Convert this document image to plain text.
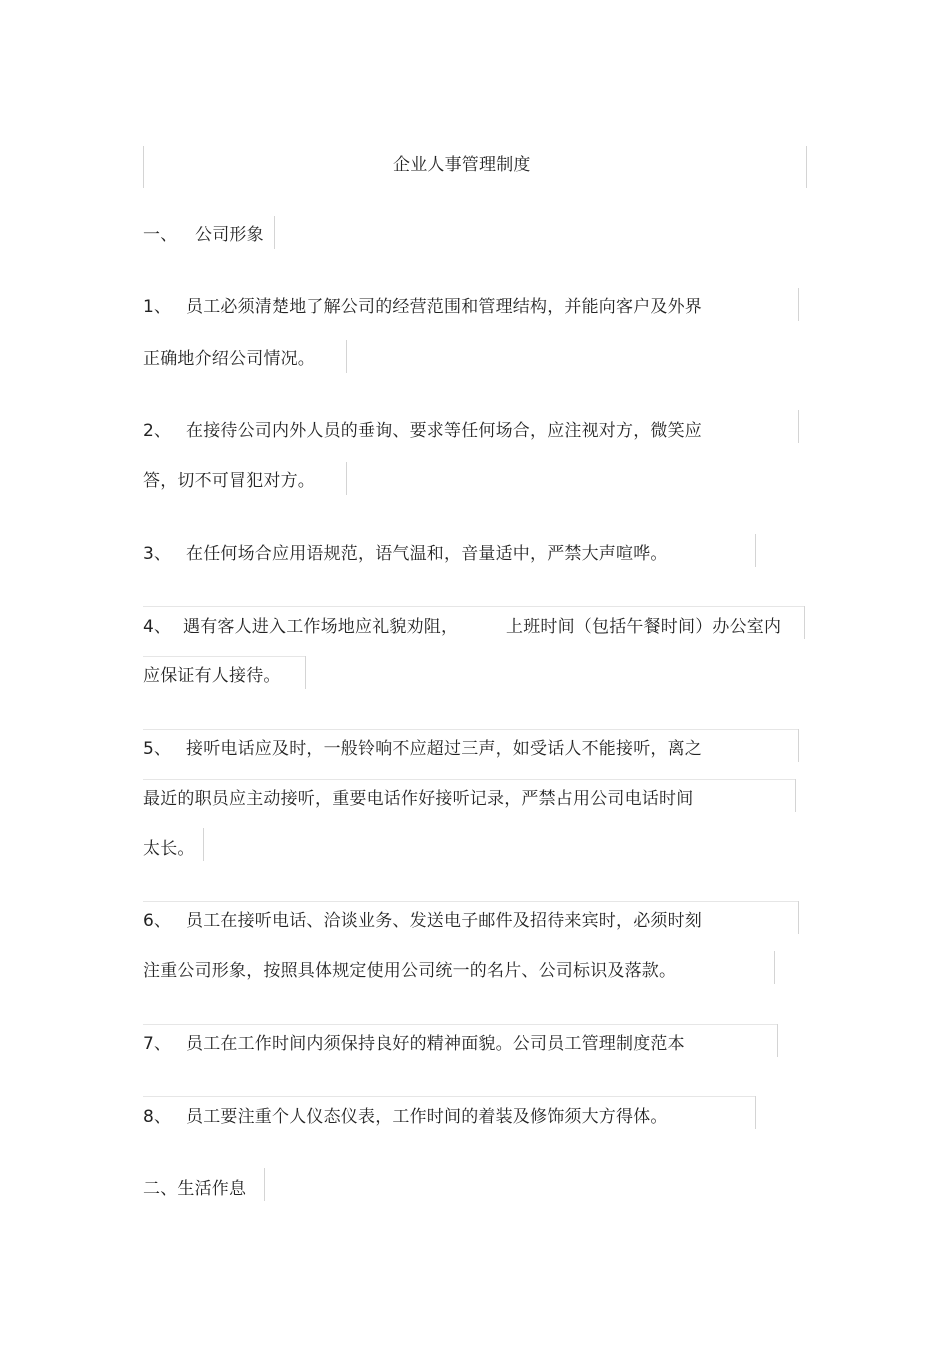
企业人事管理制度
一、 公司形象
1、 员工必须清楚地了解公司的经营范围和管理结构，并能向客户及外界
正确地介绍公司情况。
2、 在接待公司内外人员的垂询、要求等任何场合，应注视对方，微笑应
答，切不可冒犯对方。
3、 在任何场合应用语规范，语气温和，音量适中，严禁大声喧哗。
4、 遇有客人进入工作场地应礼貌劝阻，	上班时间（包括午餐时间）办公室内
应保证有人接待。
5、 接听电话应及时，一般铃响不应超过三声，如受话人不能接听，离之
最近的职员应主动接听，重要电话作好接听记录，严禁占用公司电话时间
太长。
6、 员工在接听电话、洽谈业务、发送电子邮件及招待来宾时，必须时刻
注重公司形象，按照具体规定使用公司统一的名片、公司标识及落款。
7、 员工在工作时间内须保持良好的精神面貌。公司员工管理制度范本
8、 员工要注重个人仪态仪表，工作时间的着装及修饰须大方得体。
二、生活作息
